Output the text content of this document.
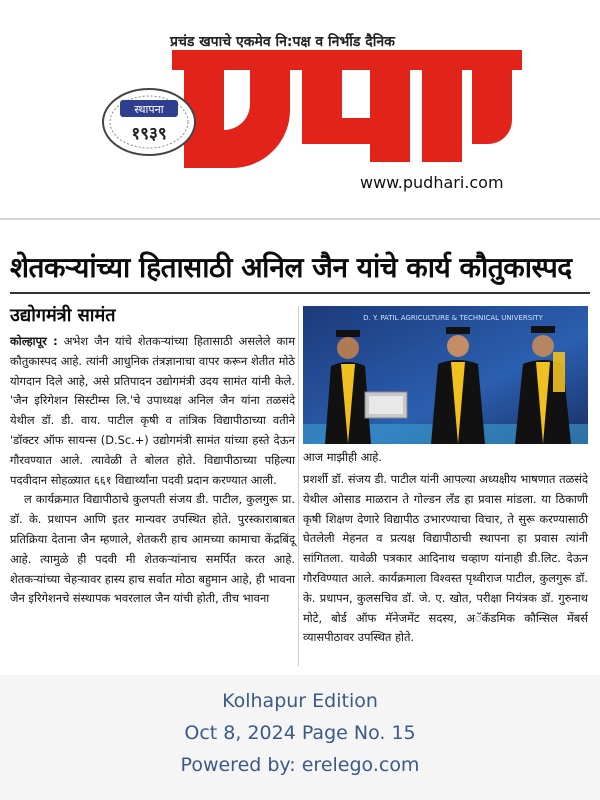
प्रचंड खपाचे एकमेव नि:पक्ष व निर्भीड दैनिक
स्थापना
१९३९
www.pudhari.com
शेतकऱ्यांच्या हितासाठी अनिल जैन यांचे कार्य कौतुकास्पद
उद्योगमंत्री सामंत

कोल्हापूर : अभेश जैन यांचे शेतकऱ्यांच्या हितासाठी असलेले काम कौतुकास्पद आहे. त्यांनी आधुनिक तंत्रज्ञानाचा वापर करून शेतीत मोठे योगदान दिले आहे, असे प्रतिपादन उद्योगमंत्री उदय सामंत यांनी केले. 'जैन इरिगेशन सिस्टीम्स लि.'चे उपाध्यक्ष अनिल जैन यांना तळसंदे येथील डॉ. डी. वाय. पाटील कृषी व तांत्रिक विद्यापीठाच्या वतीने 'डॉक्टर ऑफ सायन्स (D.Sc.+) उद्योगमंत्री सामंत यांच्या हस्ते देऊन गौरवण्यात आले. त्यावेळी ते बोलत होते. विद्यापीठाच्या पहिल्या पदवीदान सोहळ्यात ६६१ विद्यार्थ्यांना पदवी प्रदान करण्यात आली.

ल कार्यक्रमात विद्यापीठाचे कुलपती संजय डी. पाटील, कुलगुरू प्रा. डॉ. के. प्रधापन आणि इतर मान्यवर उपस्थित होते. पुरस्काराबाबत प्रतिक्रिया देताना जैन म्हणाले, शेतकरी हाच आमच्या कामाचा केंद्रबिंदू आहे. त्यामुळे ही पदवी मी शेतकऱ्यांनाच समर्पित करत आहे. शेतकऱ्यांच्या चेहऱ्यावर हास्य हाच सर्वात मोठा बहुमान आहे, ही भावना जैन इरिगेशनचे संस्थापक भवरलाल जैन यांची होती, तीच भावना

D. Y. PATIL AGRICULTURE & TECHNICAL UNIVERSITY
आज माझीही आहे.

प्रशर्शी डॉ. संजय डी. पाटील यांनी आपल्या अध्यक्षीय भाषणात तळसंदे येथील ओसाड माळरान ते गोल्डन लँड हा प्रवास मांडला. या ठिकाणी कृषी शिक्षण देणारे विद्यापीठ उभारण्याचा विचार, ते सुरू करण्यासाठी घेतलेली मेहनत व प्रत्यक्ष विद्यापीठाची स्थापना हा प्रवास त्यांनी सांगितला. यावेळी पत्रकार आदिनाथ चव्हाण यांनाही डी.लिट. देऊन गौरविण्यात आले. कार्यक्रमाला विश्वस्त पृथ्वीराज पाटील, कुलगुरू डॉ. के. प्रधापन, कुलसचिव डॉ. जे. ए. खोत, परीक्षा नियंत्रक डॉ. गुरुनाथ मोटे, बोर्ड ऑफ मॅनेजमेंट सदस्य, अॅकॅडमिक कौन्सिल मेंबर्स व्यासपीठावर उपस्थित होते.

Kolhapur Edition
Oct 8, 2024 Page No. 15
Powered by: erelego.com
